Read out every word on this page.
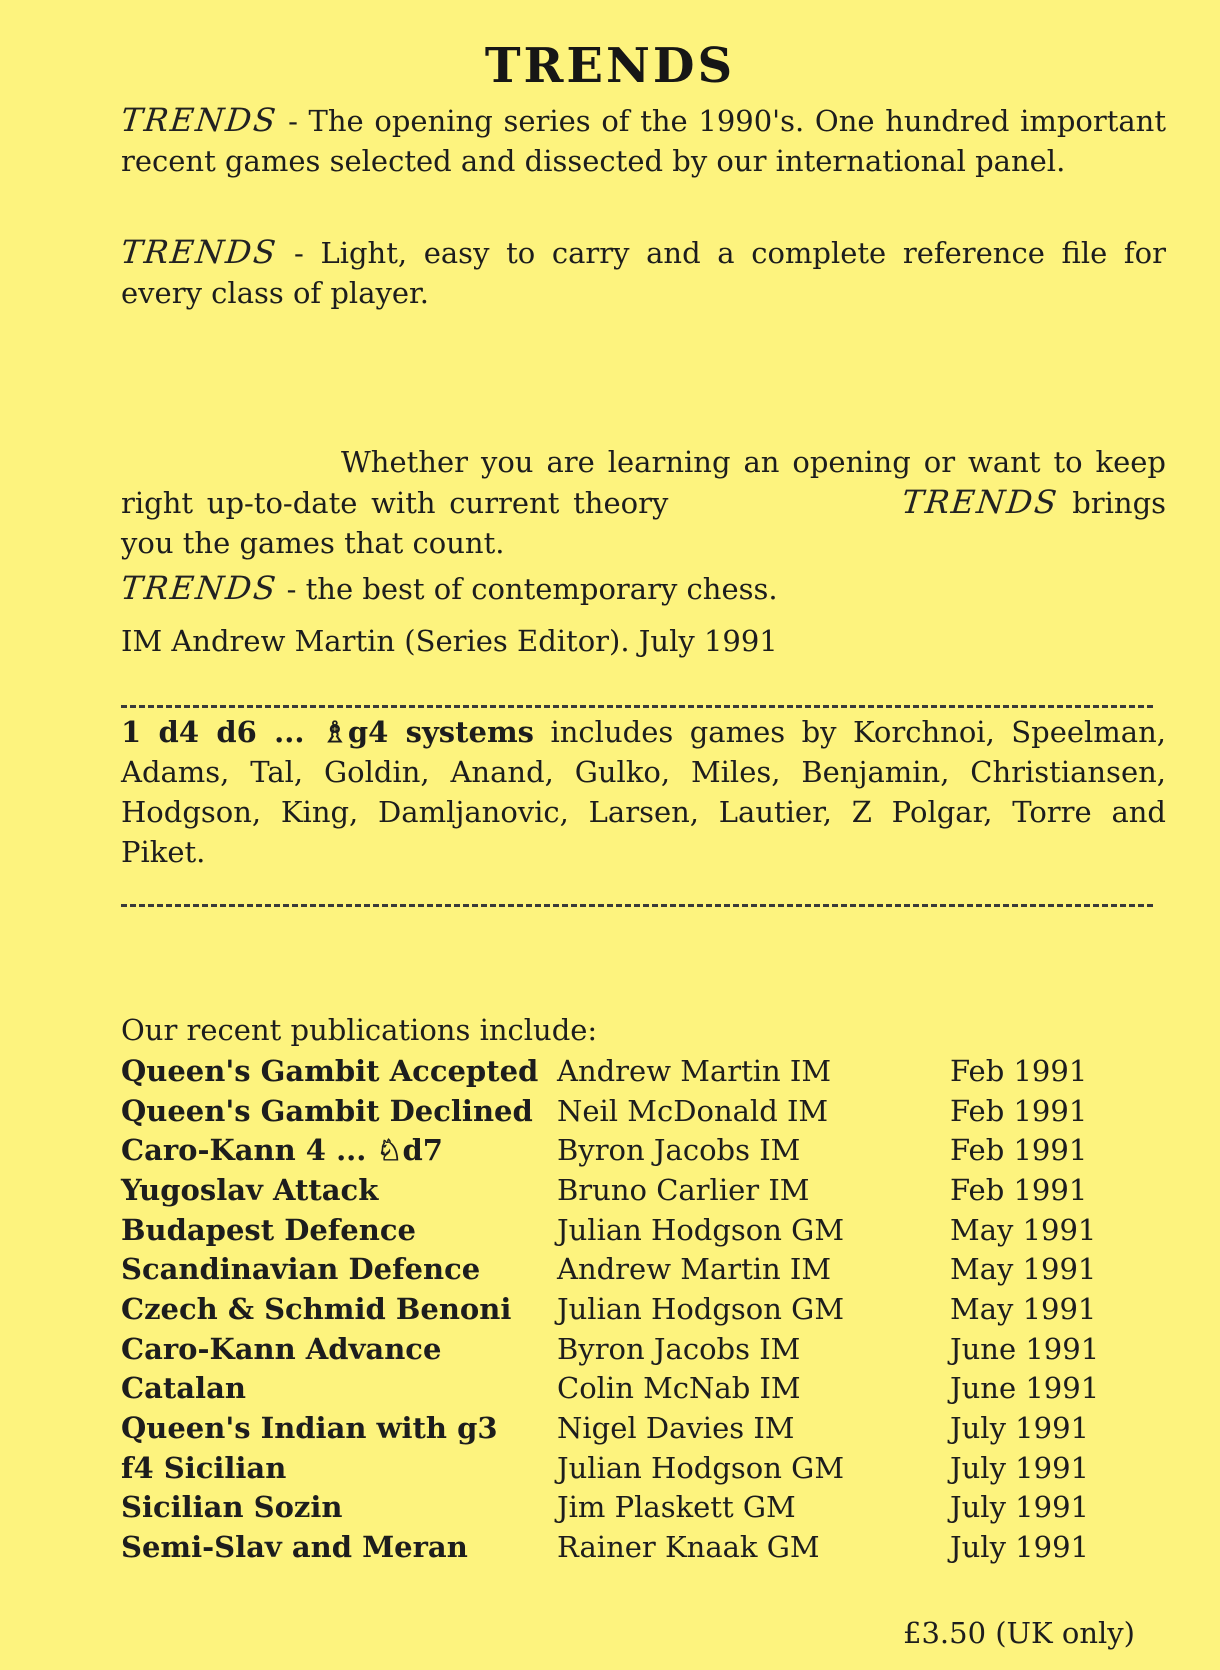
TRENDS
TRENDS - The opening series of the 1990's. One hundred important recent games selected and dissected by our international panel.
TRENDS - Light, easy to carry and a complete reference file for every class of player.
Whether you are learning an opening or want to keep right up-to-date with current theory	TRENDS brings you the games that count.
TRENDS - the best of contemporary chess.
IM Andrew Martin (Series Editor). July 1991
1 d4 d6 ... ♗g4 systems includes games by Korchnoi, Speelman, Adams, Tal, Goldin, Anand, Gulko, Miles, Benjamin, Christiansen, Hodgson, King, Damljanovic, Larsen, Lautier, Z Polgar, Torre and Piket.
Our recent publications include:
Queen's Gambit Accepted	Andrew Martin IM	Feb 1991
Queen's Gambit Declined	Neil McDonald IM	Feb 1991
Caro-Kann 4 ... ♘d7	Byron Jacobs IM	Feb 1991
Yugoslav Attack	Bruno Carlier IM	Feb 1991
Budapest Defence	Julian Hodgson GM	May 1991
Scandinavian Defence	Andrew Martin IM	May 1991
Czech & Schmid Benoni	Julian Hodgson GM	May 1991
Caro-Kann Advance	Byron Jacobs IM	June 1991
Catalan	Colin McNab IM	June 1991
Queen's Indian with g3	Nigel Davies IM	July 1991
f4 Sicilian	Julian Hodgson GM	July 1991
Sicilian Sozin	Jim Plaskett GM	July 1991
Semi-Slav and Meran	Rainer Knaak GM	July 1991
£3.50 (UK only)
